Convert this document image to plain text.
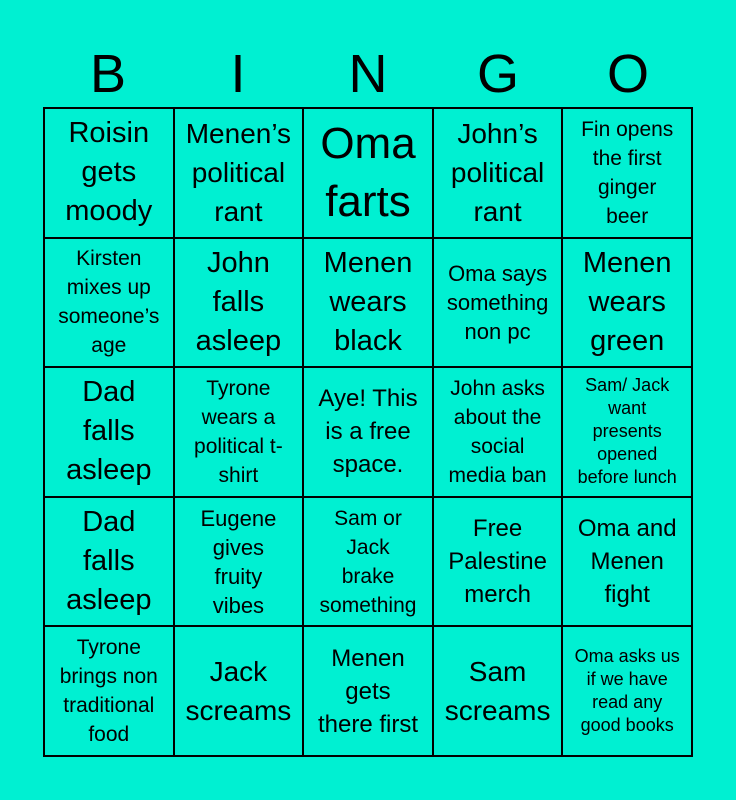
B	I	N	G	O
Roisin
gets
moody
Menen’s
political
rant
Oma
farts
John’s
political
rant
Fin opens
the first
ginger
beer
Kirsten
mixes up
someone’s
age
John
falls
asleep
Menen
wears
black
Oma says
something
non pc
Menen
wears
green
Dad
falls
asleep
Tyrone
wears a
political t-
shirt
Aye! This
is a free
space.
John asks
about the
social
media ban
Sam/ Jack
want
presents
opened
before lunch
Dad
falls
asleep
Eugene
gives
fruity
vibes
Sam or
Jack
brake
something
Free
Palestine
merch
Oma and
Menen
fight
Tyrone
brings non
traditional
food
Jack
screams
Menen
gets
there first
Sam
screams
Oma asks us
if we have
read any
good books
